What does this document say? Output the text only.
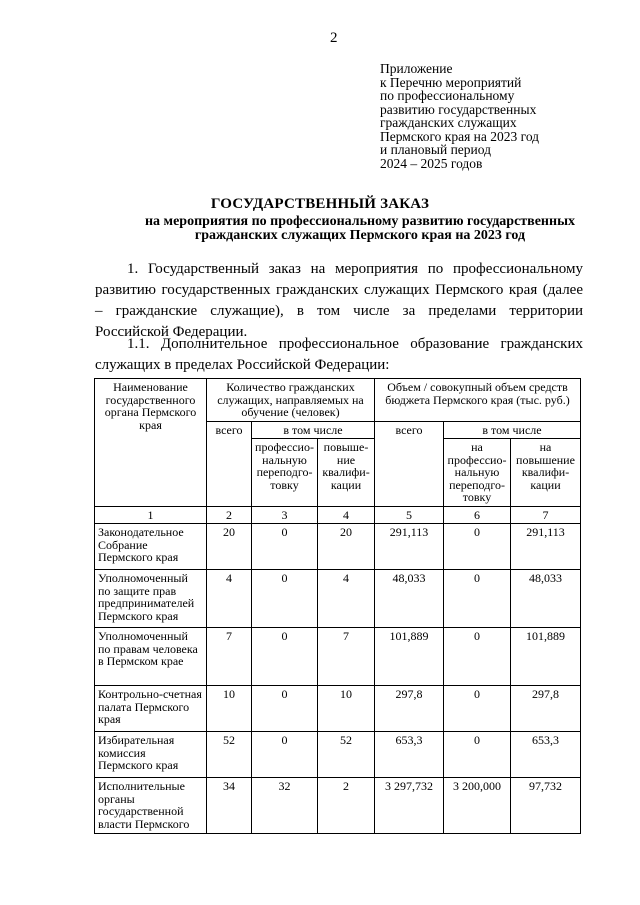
2
Приложение
к Перечню мероприятий
по профессиональному
развитию государственных
гражданских служащих
Пермского края на 2023 год
и плановый период
2024 – 2025 годов
ГОСУДАРСТВЕННЫЙ ЗАКАЗ
на мероприятия по профессиональному развитию государственных
гражданских служащих Пермского края на 2023 год
1. Государственный заказ на мероприятия по профессиональному развитию государственных гражданских служащих Пермского края (далее – гражданские служащие), в том числе за пределами территории Российской Федерации.
1.1. Дополнительное профессиональное образование гражданских служащих в пределах Российской Федерации:
Наименование государственного органа Пермского края	Количество гражданских служащих, направляемых на обучение (человек)			Объем / совокупный объем средств бюджета Пермского края (тыс. руб.)		
	всего	в том числе		всего	в том числе	
		профессио-нальную переподго-товку	повыше-ние квалифи-кации		на профессио-нальную переподго-товку	на повышение квалифи-кации
1	2	3	4	5	6	7
Законодательное Собрание Пермского края	20	0	20	291,113	0	291,113
Уполномоченный по защите прав предпринимателей Пермского края	4	0	4	48,033	0	48,033
Уполномоченный по правам человека в Пермском крае	7	0	7	101,889	0	101,889
Контрольно-счетная палата Пермского края	10	0	10	297,8	0	297,8
Избирательная комиссия Пермского края	52	0	52	653,3	0	653,3
Исполнительные органы государственной власти Пермского	34	32	2	3 297,732	3 200,000	97,732
